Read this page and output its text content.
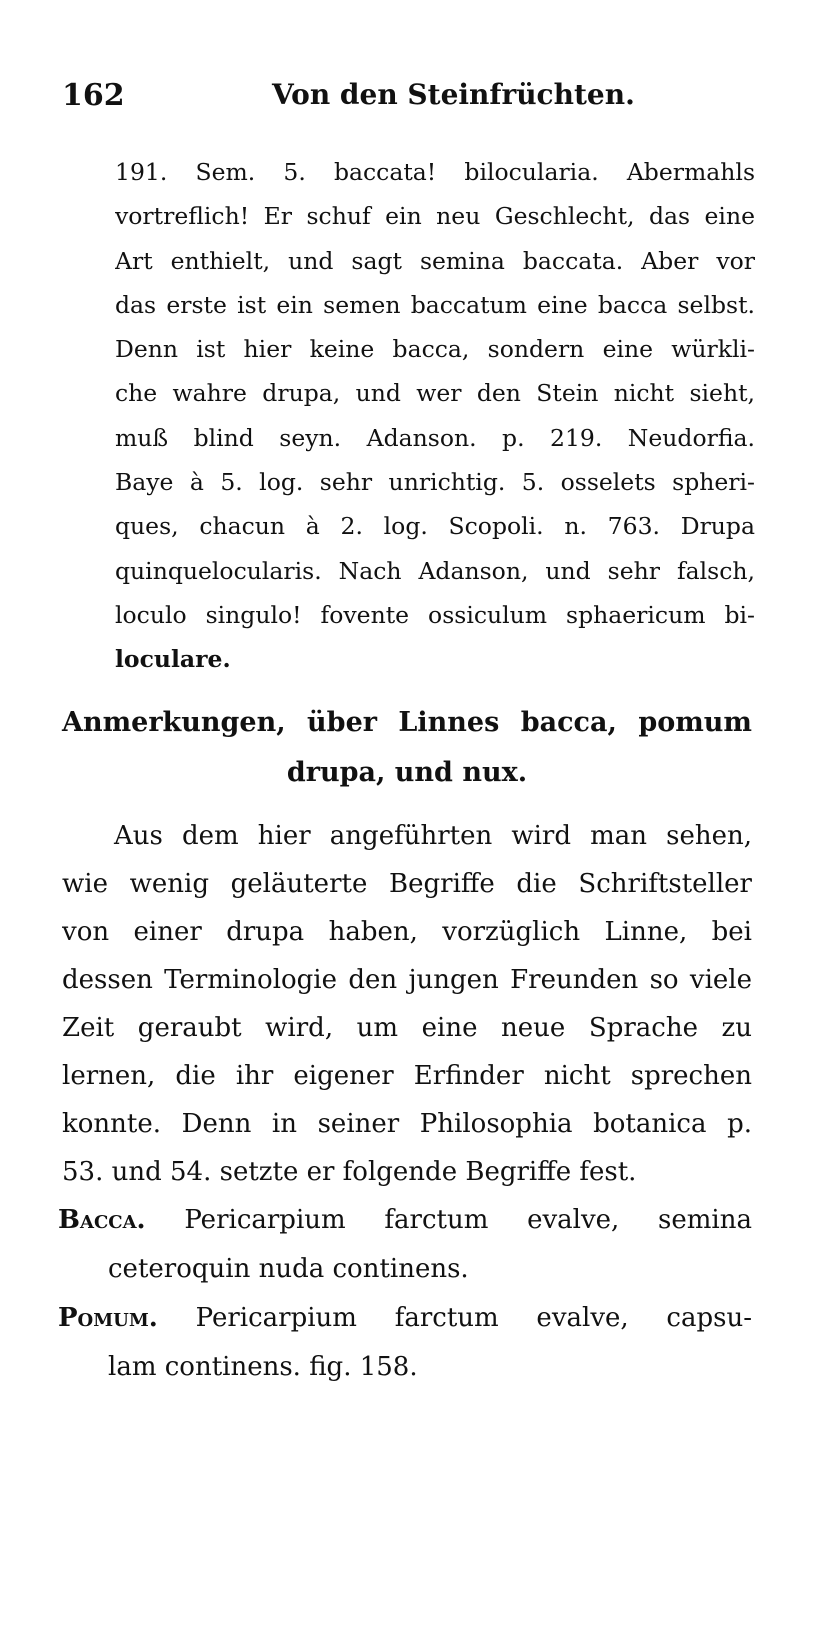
162	Von den Steinfrüchten.
191. Sem. 5. baccata! bilocularia. Abermahls
vortreflich! Er schuf ein neu Geschlecht, das eine
Art enthielt, und sagt semina baccata. Aber vor
das erste ist ein semen baccatum eine bacca selbst.
Denn ist hier keine bacca, sondern eine würkli-
che wahre drupa, und wer den Stein nicht sieht,
muß blind seyn. Adanson. p. 219. Neudorfia.
Baye à 5. log. sehr unrichtig. 5. osselets spheri-
ques, chacun à 2. log. Scopoli. n. 763. Drupa
quinquelocularis. Nach Adanson, und sehr falsch,
loculo singulo! fovente ossiculum sphaericum bi-
loculare.
Anmerkungen, über Linnes bacca, pomum
drupa, und nux.
Aus dem hier angeführten wird man sehen,
wie wenig geläuterte Begriffe die Schriftsteller
von einer drupa haben, vorzüglich Linne, bei
dessen Terminologie den jungen Freunden so viele
Zeit geraubt wird, um eine neue Sprache zu
lernen, die ihr eigener Erfinder nicht sprechen
konnte. Denn in seiner Philosophia botanica p.
53. und 54. setzte er folgende Begriffe fest.
Bacca. Pericarpium farctum evalve, semina
ceteroquin nuda continens.
Pomum. Pericarpium farctum evalve, capsu-
lam continens. fig. 158.
